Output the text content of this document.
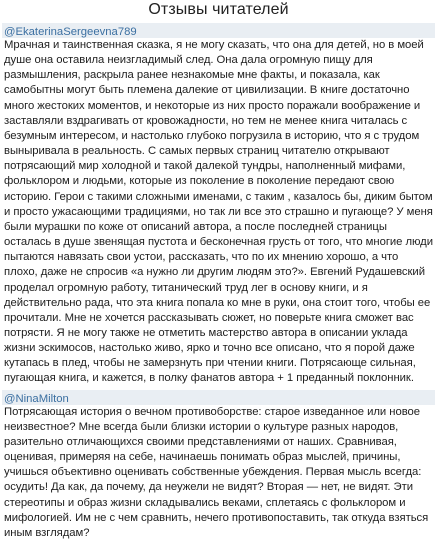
Отзывы читателей
@EkaterinaSergeevna789

Мрачная и таинственная сказка, я не могу сказать, что она для детей, но в моей душе она оставила неизгладимый след. Она дала огромную пищу для размышления, раскрыла ранее незнакомые мне факты, и показала, как самобытны могут быть племена далекие от цивилизации. В книге достаточно много жестоких моментов, и некоторые из них просто поражали воображение и заставляли вздрагивать от кровожадности, но тем не менее книга читалась с безумным интересом, и настолько глубоко погрузила в историю, что я с трудом выныривала в реальность. С самых первых страниц читателю открывают потрясающий мир холодной и такой далекой тундры, наполненный мифами, фольклором и людьми, которые из поколение в поколение передают свою историю. Герои с такими сложными именами, с таким , казалось бы, диким бытом и просто ужасающими традициями, но так ли все это страшно и пугающе? У меня были мурашки по коже от описаний автора, а после последней страницы осталась в душе звенящая пустота и бесконечная грусть от того, что многие люди пытаются навязать свои устои, рассказать, что по их мнению хорошо, а что плохо, даже не спросив «а нужно ли другим людям это?». Евгений Рудашевский проделал огромную работу, титанический труд лег в основу книги, и я действительно рада, что эта книга попала ко мне в руки, она стоит того, чтобы ее прочитали. Мне не хочется рассказывать сюжет, но поверьте книга сможет вас потрясти. Я не могу также не отметить мастерство автора в описании уклада жизни эскимосов, настолько живо, ярко и точно все описано, что я порой даже кутапась в плед, чтобы не замерзнуть при чтении книги. Потрясающе сильная, пугающая книга, и кажется, в полку фанатов автора + 1 преданный поклонник.

@NinaMilton

Потрясающая история о вечном противоборстве: старое изведанное или новое неизвестное? Мне всегда были близки истории о культуре разных народов, разительно отличающихся своими представлениями от наших. Сравнивая, оценивая, примеряя на себе, начинаешь понимать образ мыслей, причины, учишься объективно оценивать собственные убеждения. Первая мысль всегда: осудить! Да как, да почему, да неужели не видят? Вторая — нет, не видят. Эти стереотипы и образ жизни складывались веками, сплетаясь с фольклором и мифологией. Им не с чем сравнить, нечего противопоставить, так откуда взяться иным взглядам?
